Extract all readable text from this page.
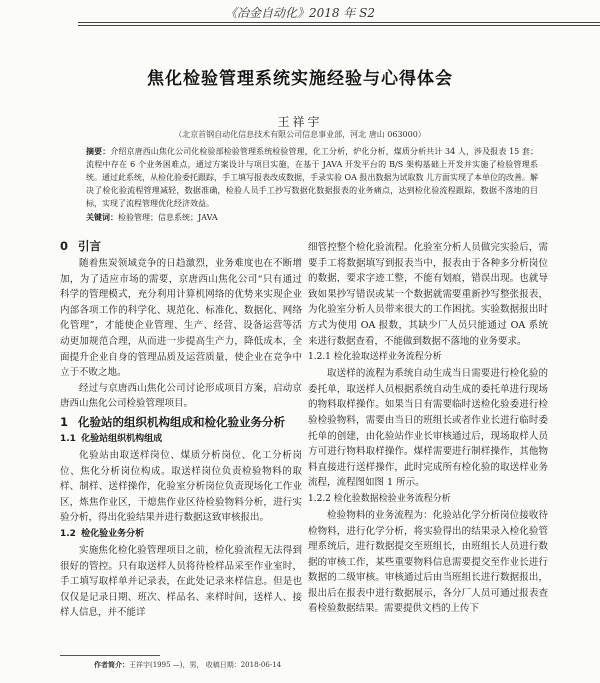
《冶金自动化》2018 年 S2
焦化检验管理系统实施经验与心得体会
王祥宇
（北京首钢自动化信息技术有限公司信息事业部，河北 唐山 063000）
摘要：介绍京唐西山焦化公司化检验部检验管理系统检验管理，化工分析，炉化分析，煤质分析共计 34 人，涉及报表 15 套；流程中存在 6 个业务困难点，通过方案设计与项目实施，在基于 JAVA 开发平台的 B/S 架构基础上开发并实施了检验管理系统。通过此系统，从检化验委托跟踪，手工填写报表改成数据，手录实验 OA 报出数据为试取数 儿方面实现了本单位的改善。解决了检化验流程管理减轻，数据准确，检验人员手工抄写数据化数据报表的业务痛点，达到检化验流程跟踪，数据不落地的目标，实现了流程管理优化经济效益。
关键词：检验管理；信息系统；JAVA
0 引言

随着焦炭领域竞争的日趋激烈，业务难度也在不断增加，为了适应市场的需要，京唐西山焦化公司“只有通过科学的管理模式，充分利用计算机网络的优势来实现企业内部各项工作的科学化、规范化、标准化、数据化、网络化管理”，才能使企业管理、生产、经营、设备运营等活动更加规范合理，从而进一步提高生产力，降低成本，全面提升企业自身的管理品质及运营质量，使企业在竞争中立于不败之地。

经过与京唐西山焦化公司讨论形成项目方案，启动京唐西山焦化公司检验管理项目。

1 化验站的组织机构组成和检化验业务分析
1.1 化验站组织机构组成

化验站由取送样岗位、煤质分析岗位、化工分析岗位、焦化分析岗位构成。取送样岗位负责检验物料的取样、制样、送样操作，化验室分析岗位负责现场化工作业区，炼焦作业区，干熄焦作业区待检验物料分析，进行实验分析，得出化验结果并进行数据这致审核报出。

1.2 检化验业务分析

实施焦化检化验管理项目之前，检化验流程无法得到很好的管控。只有取送样人员将待检样品采至作业室时，手工填写取样单并记录表，在此处记录来样信息。但是也仅仅是记录日期、班次、样品名、来样时间，送样人、接样人信息，并不能详

细管控整个检化验流程。化验室分析人员做完实验后，需要手工将数据填写到报表当中，报表由于各种多分析岗位的数据，要求字迹工整，不能有划痕，错误出现。也就导致如果抄写错误或某一个数据就需要重新抄写整张报表，为化验室分析人员带来很大的工作困扰。实验数据报出时方式为使用 OA 报数，其缺少厂人员只能通过 OA 系统来进行数据查看，不能做到数据不落地的业务要求。

1.2.1 检化验取送样业务流程分析

取送样的流程为系统自动生成当日需要进行检化验的委托单，取送样人员根据系统自动生成的委托单进行现场的物料取样操作。如果当日有需要临时送检化验委进行检验检验物料，需要由当日的班组长或者作业长进行临时委托单的创建，由化验站作业长审核通过后，现场取样人员方可进行物料取样操作。煤样需要进行制样操作，其他物料直接进行送样操作，此时完成所有检化验的取送样业务流程，流程图如图 1 所示。

1.2.2 检化验数据检验业务流程分析

检验物料的业务流程为：化验站化学分析岗位接收待检物料，进行化学分析，将实验得出的结果录入检化验管理系统后，进行数据提交至班组长，由班组长人员进行数据的审核工作，某些重要物料信息需要提交至作业长进行数据的二级审核。审核通过后由当班组长进行数据报出，报出后在报表中进行数据展示，各分厂人员可通过报表查看检验数据结果。需要提供文档的上传下

作者简介：王祥宇(1995 —)，男， 收稿日期：2018-06-14
